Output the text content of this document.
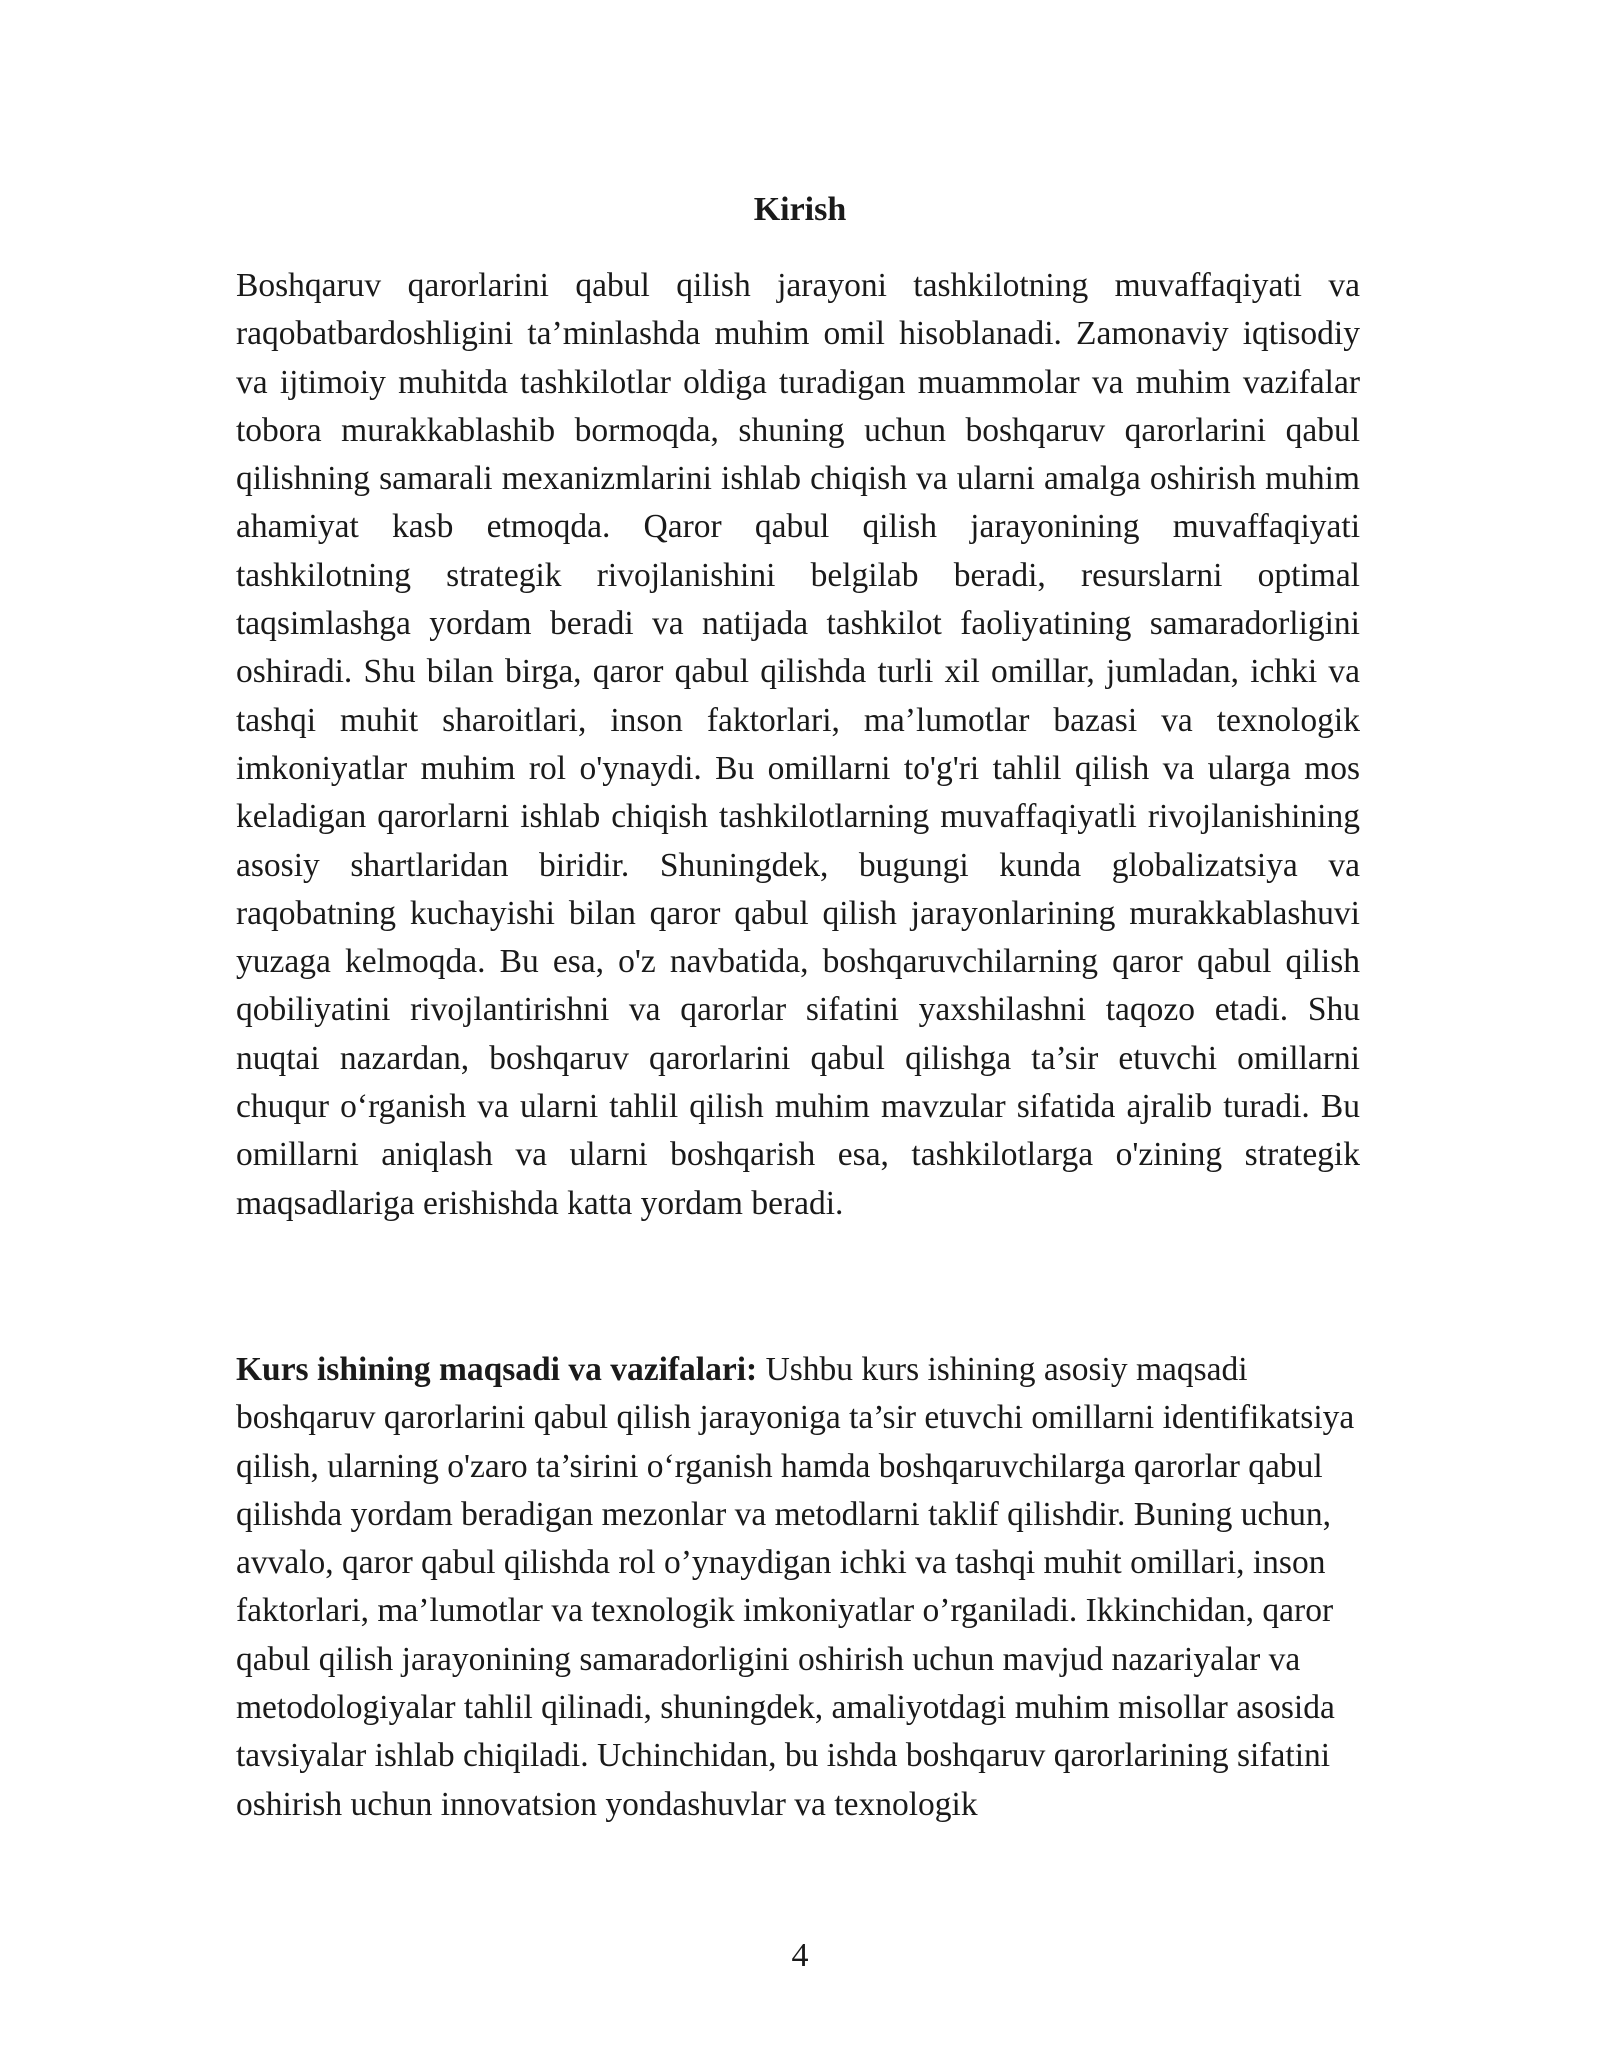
Kirish

Boshqaruv qarorlarini qabul qilish jarayoni tashkilotning muvaffaqiyati va raqobatbardoshligini ta’minlashda muhim omil hisoblanadi. Zamonaviy iqtisodiy va ijtimoiy muhitda tashkilotlar oldiga turadigan muammolar va muhim vazifalar tobora murakkablashib bormoqda, shuning uchun boshqaruv qarorlarini qabul qilishning samarali mexanizmlarini ishlab chiqish va ularni amalga oshirish muhim ahamiyat kasb etmoqda. Qaror qabul qilish jarayonining muvaffaqiyati tashkilotning strategik rivojlanishini belgilab beradi, resurslarni optimal taqsimlashga yordam beradi va natijada tashkilot faoliyatining samaradorligini oshiradi. Shu bilan birga, qaror qabul qilishda turli xil omillar, jumladan, ichki va tashqi muhit sharoitlari, inson faktorlari, ma’lumotlar bazasi va texnologik imkoniyatlar muhim rol o'ynaydi. Bu omillarni to'g'ri tahlil qilish va ularga mos keladigan qarorlarni ishlab chiqish tashkilotlarning muvaffaqiyatli rivojlanishining asosiy shartlaridan biridir. Shuningdek, bugungi kunda globalizatsiya va raqobatning kuchayishi bilan qaror qabul qilish jarayonlarining murakkablashuvi yuzaga kelmoqda. Bu esa, o'z navbatida, boshqaruvchilarning qaror qabul qilish qobiliyatini rivojlantirishni va qarorlar sifatini yaxshilashni taqozo etadi. Shu nuqtai nazardan, boshqaruv qarorlarini qabul qilishga ta’sir etuvchi omillarni chuqur o‘rganish va ularni tahlil qilish muhim mavzular sifatida ajralib turadi. Bu omillarni aniqlash va ularni boshqarish esa, tashkilotlarga o'zining strategik maqsadlariga erishishda katta yordam beradi.

Kurs ishining maqsadi va vazifalari: Ushbu kurs ishining asosiy maqsadi boshqaruv qarorlarini qabul qilish jarayoniga ta’sir etuvchi omillarni identifikatsiya qilish, ularning o'zaro ta’sirini o‘rganish hamda boshqaruvchilarga qarorlar qabul qilishda yordam beradigan mezonlar va metodlarni taklif qilishdir. Buning uchun, avvalo, qaror qabul qilishda rol o’ynaydigan ichki va tashqi muhit omillari, inson faktorlari, ma’lumotlar va texnologik imkoniyatlar o’rganiladi. Ikkinchidan, qaror qabul qilish jarayonining samaradorligini oshirish uchun mavjud nazariyalar va metodologiyalar tahlil qilinadi, shuningdek, amaliyotdagi muhim misollar asosida tavsiyalar ishlab chiqiladi. Uchinchidan, bu ishda boshqaruv qarorlarining sifatini oshirish uchun innovatsion yondashuvlar va texnologik

4
